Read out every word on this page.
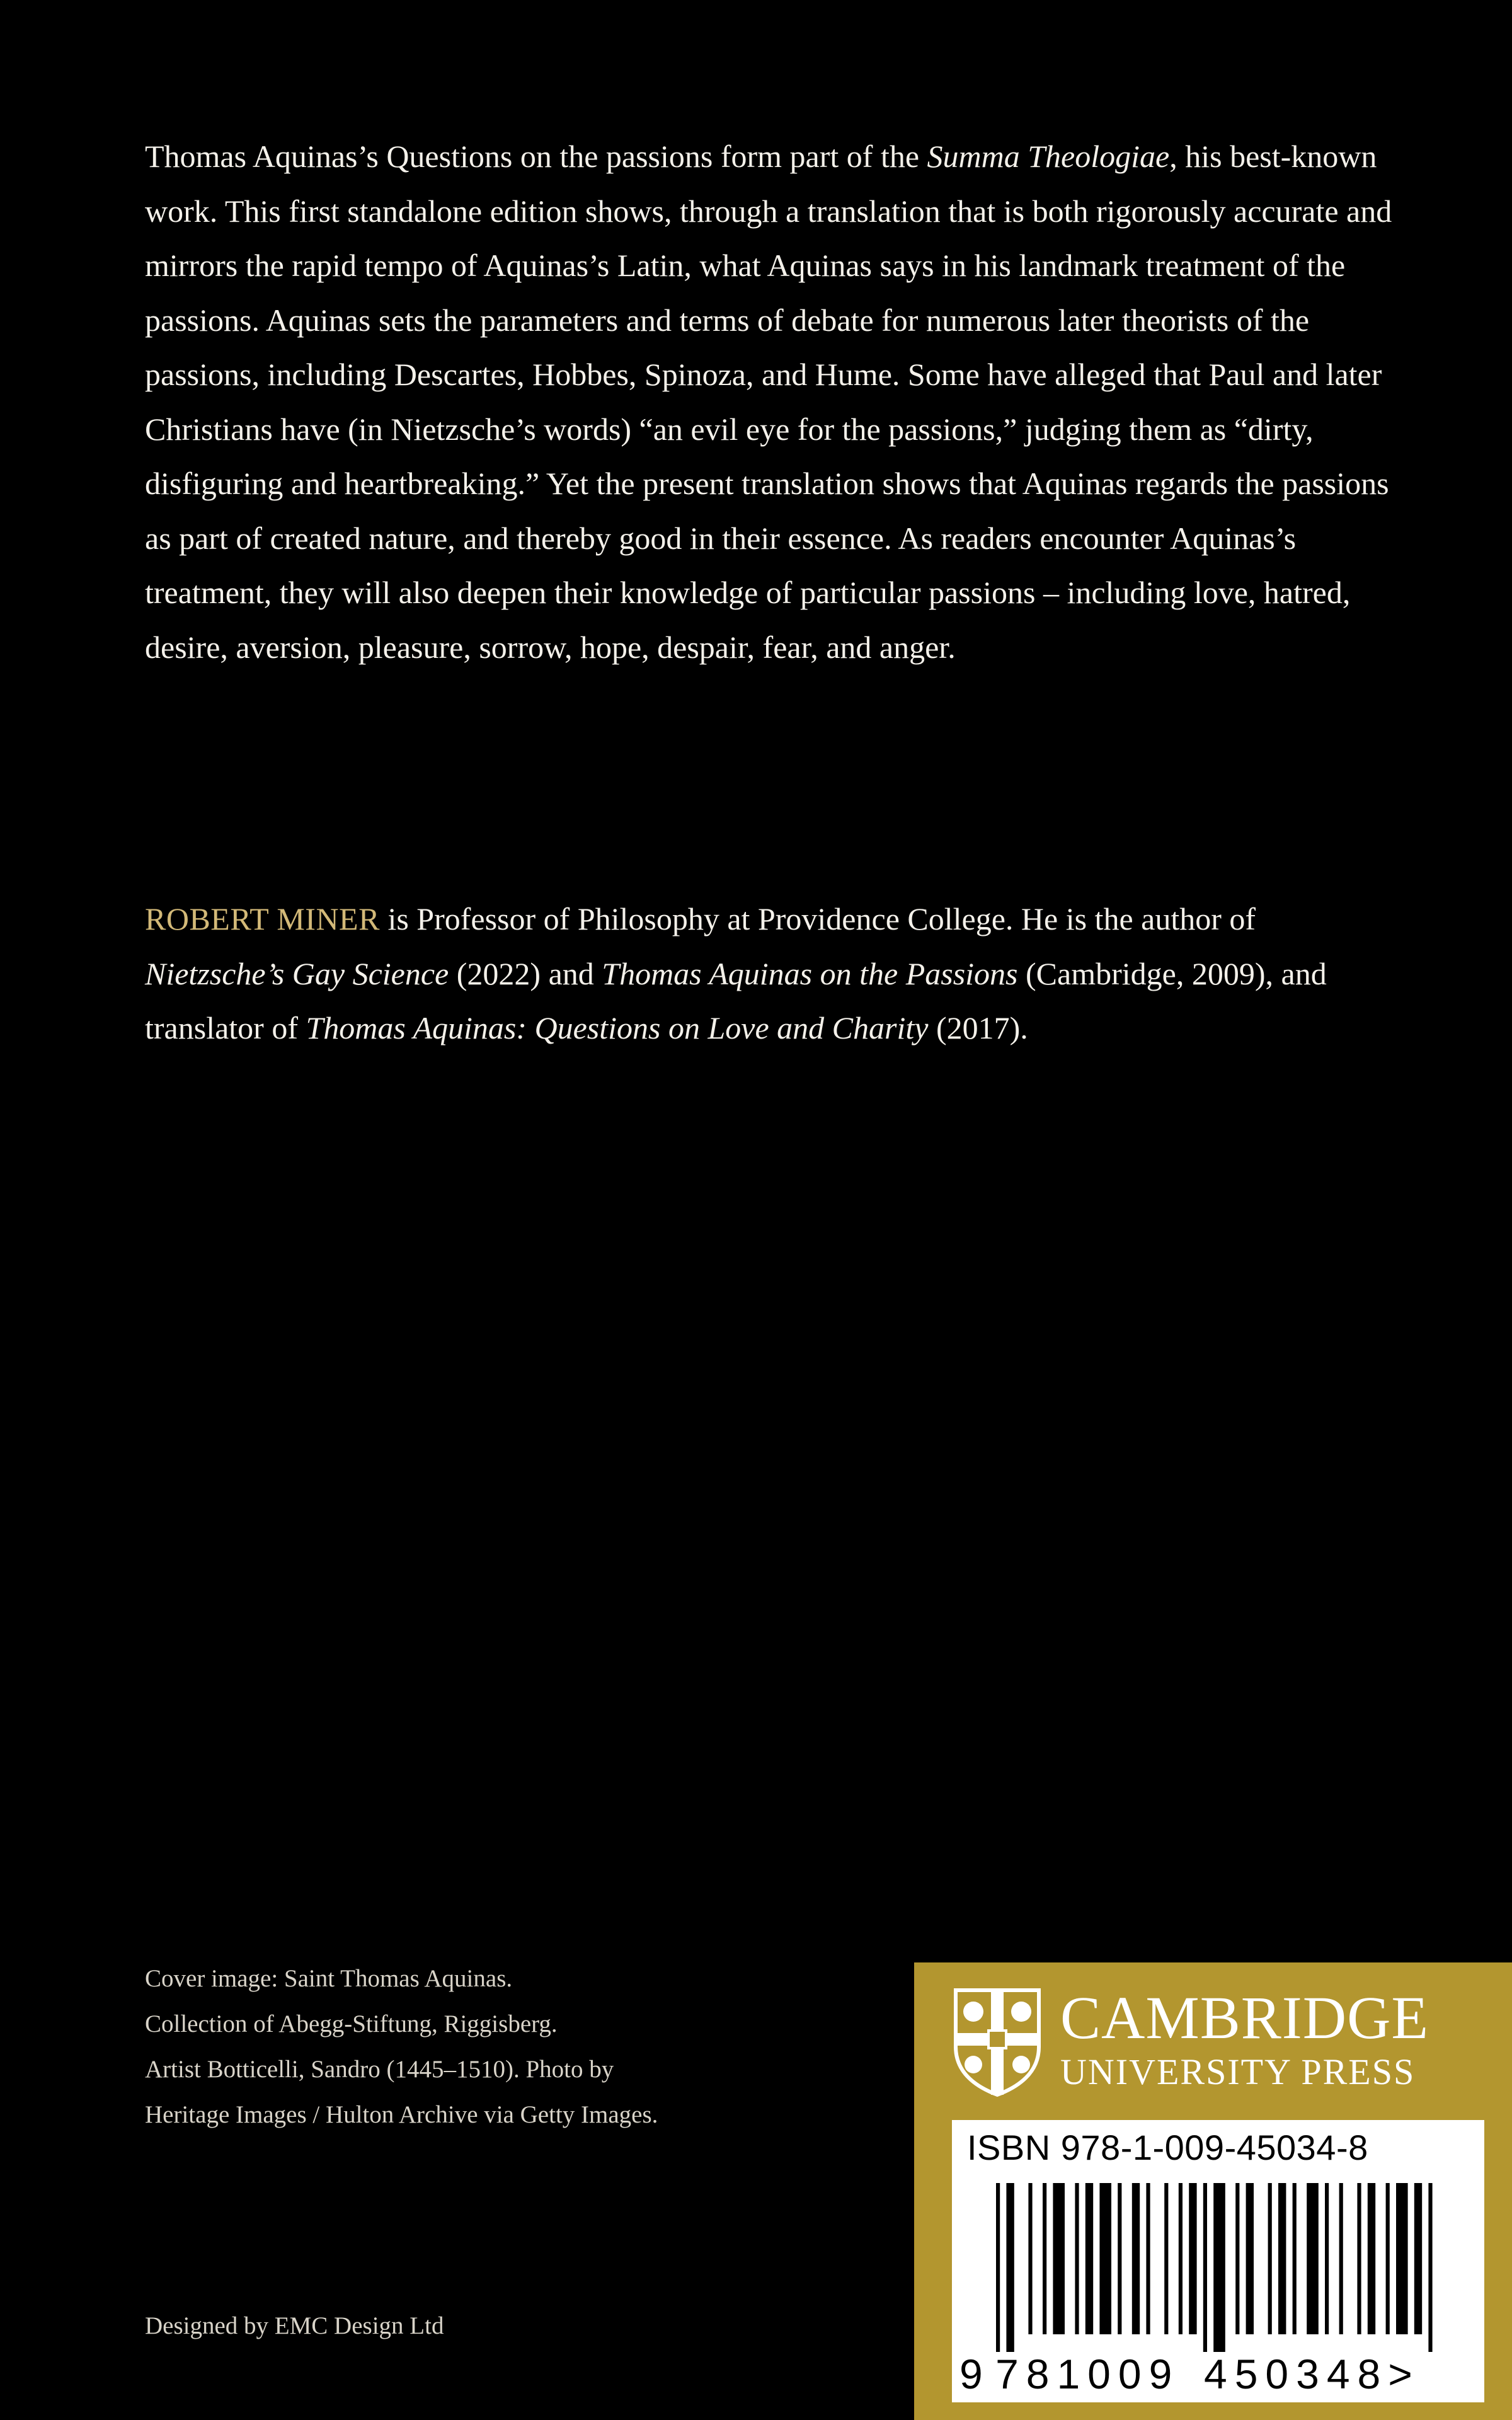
Thomas Aquinas’s Questions on the passions form part of the Summa Theologiae, his best-known work. This first standalone edition shows, through a translation that is both rigorously accurate and mirrors the rapid tempo of Aquinas’s Latin, what Aquinas says in his landmark treatment of the passions. Aquinas sets the parameters and terms of debate for numerous later theorists of the passions, including Descartes, Hobbes, Spinoza, and Hume. Some have alleged that Paul and later Christians have (in Nietzsche’s words) “an evil eye for the passions,” judging them as “dirty, disfiguring and heartbreaking.” Yet the present translation shows that Aquinas regards the passions as part of created nature, and thereby good in their essence. As readers encounter Aquinas’s treatment, they will also deepen their knowledge of particular passions – including love, hatred, desire, aversion, pleasure, sorrow, hope, despair, fear, and anger.

ROBERT MINER is Professor of Philosophy at Providence College. He is the author of Nietzsche’s Gay Science (2022) and Thomas Aquinas on the Passions (Cambridge, 2009), and translator of Thomas Aquinas: Questions on Love and Charity (2017).

Cover image: Saint Thomas Aquinas.
Collection of Abegg-Stiftung, Riggisberg.
Artist Botticelli, Sandro (1445–1510). Photo by
Heritage Images / Hulton Archive via Getty Images.
Designed by EMC Design Ltd
CAMBRIDGE
UNIVERSITY PRESS
ISBN 978-1-009-45034-8
9 781009 450348>
